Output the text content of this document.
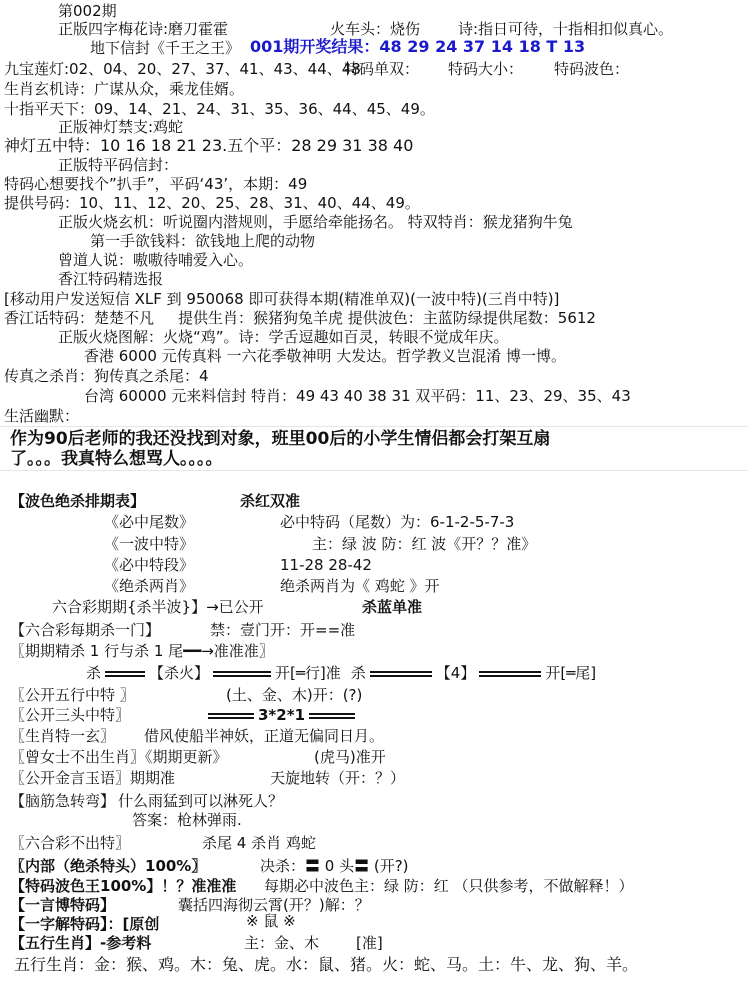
第002期
正版四字梅花诗:磨刀霍霍	火车头：烧伤	诗:指日可待，十指相扣似真心。
地下信封《千王之王》 001期开奖结果：48 29 24 37 14 18 T 13
九宝莲灯:02、04、20、27、37、41、43、44、48
特码单双： 特码大小： 特码波色：
生肖玄机诗：广谋从众，乘龙佳婿。
十指平天下：09、14、21、24、31、35、36、44、45、49。
正版神灯禁支:鸡蛇
神灯五中特：10 16 18 21 23.五个平：28 29 31 38 40
正版特平码信封：
特码心想要找个”扒手”，平码‘43’，本期：49
提供号码：10、11、12、20、25、28、31、40、44、49。
正版火烧玄机：听说圈内潜规则，手愿给牵能扬名。 特双特肖：猴龙猪狗牛兔
第一手欲钱料：欲钱地上爬的动物
曾道人说：嗷嗷待哺爱入心。
香江特码精选报
[移动用户发送短信 XLF 到 950068 即可获得本期(精准单双)(一波中特)(三肖中特)]
香江话特码：楚楚不凡 提供生肖：猴猪狗兔羊虎 提供波色：主蓝防绿提供尾数：5612
正版火烧图解：火烧“鸡”。诗：学舌逗趣如百灵，转眼不觉成年庆。
香港 6000 元传真料 一六花季敬神明 大发达。哲学教义岂混淆 博一博。
传真之杀肖：狗传真之杀尾：4
台湾 60000 元来料信封 特肖：49 43 40 38 31 双平码：11、23、29、35、43
生活幽默：
作为90后老师的我还没找到对象，班里00后的小学生情侣都会打架互扇
了。。。我真特么想骂人。。。。
【波色绝杀排期表】	杀红双准
《必中尾数》	必中特码（尾数）为：6-1-2-5-7-3
《一波中特》	主：绿 波 防：红 波《开？？准》
《必中特段》	11-28 28-42
《绝杀两肖》	绝杀两肖为《 鸡蛇 》开
六合彩期期{杀半波}】→已公开	杀蓝单准
【六合彩每期杀一门】	禁：壹门开：开==准
〖期期精杀 1 行与杀 1 尾━━→准准准〗
杀	【杀火】	开[═行]准 杀	【4】	开[═尾]
〖公开五行中特 〗	(土、金、木)开：(?)
〖公开三头中特〗	3*2*1
〖生肖特一玄〗 借风使船半神妖，正道无偏同日月。
〖曾女士不出生肖〗《期期更新》	(虎马)准开
〖公开金言玉语〗期期准	天旋地转（开：？）
【脑筋急转弯】 什么雨猛到可以淋死人？
答案：枪林弹雨.
〖六合彩不出特〗	杀尾 4 杀肖 鸡蛇
〖内部（绝杀特头）100%〗	决杀：〓 0 头〓 (开?)
【特码波色王100%】！？准准准 每期必中波色主：绿 防：红 （只供参考，不做解释！）
【一言博特码】	囊括四海彻云霄(开？)解：？
【一字解特码】：[原创	※ 鼠 ※
【五行生肖】-参考料	主：金、木 [准]
五行生肖：金：猴、鸡。木：兔、虎。水：鼠、猪。火：蛇、马。土：牛、龙、狗、羊。
